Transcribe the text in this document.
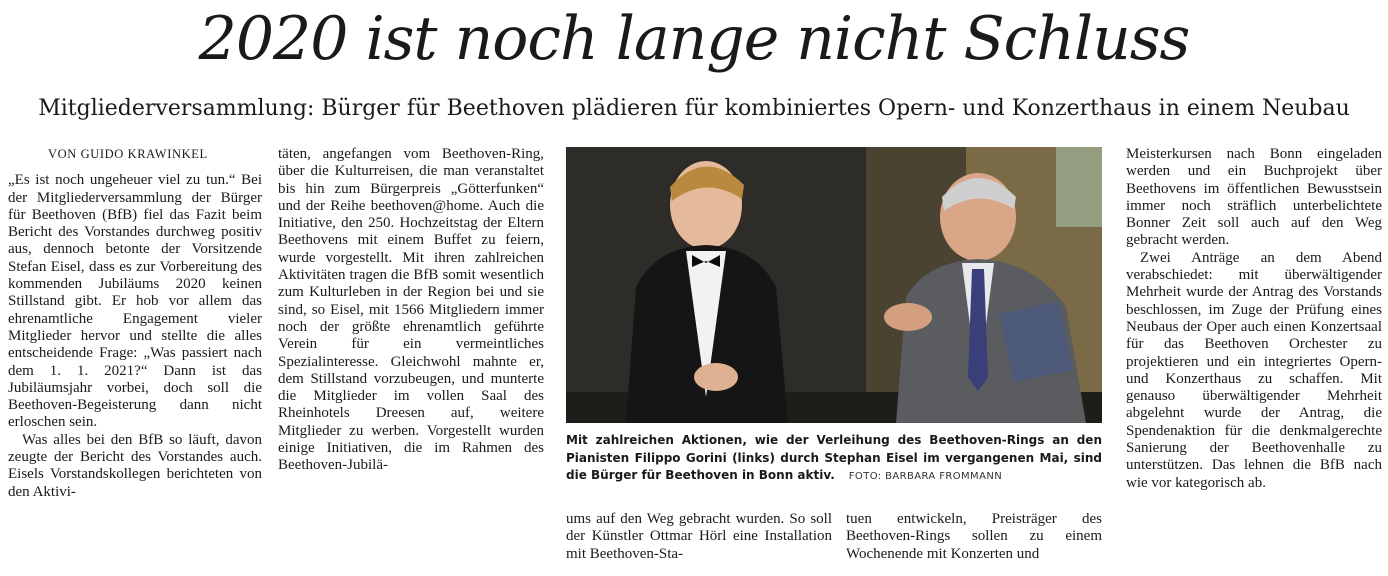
2020 ist noch lange nicht Schluss
Mitgliederversammlung: Bürger für Beethoven plädieren für kombiniertes Opern- und Konzerthaus in einem Neubau

VON GUIDO KRAWINKEL

„Es ist noch ungeheuer viel zu tun.“ Bei der Mitgliederversammlung der Bürger für Beethoven (BfB) fiel das Fazit beim Bericht des Vorstandes durchweg positiv aus, dennoch betonte der Vorsitzende Stefan Eisel, dass es zur Vorbereitung des kommenden Jubiläums 2020 keinen Stillstand gibt. Er hob vor allem das ehrenamtliche Engagement vieler Mitglieder hervor und stellte die alles entscheidende Frage: „Was passiert nach dem 1. 1. 2021?“ Dann ist das Jubiläumsjahr vorbei, doch soll die Beethoven-Begeisterung dann nicht erloschen sein.

Was alles bei den BfB so läuft, davon zeugte der Bericht des Vorstandes auch. Eisels Vorstandskollegen berichteten von den Aktivi-

täten, angefangen vom Beethoven-Ring, über die Kulturreisen, die man veranstaltet bis hin zum Bürgerpreis „Götterfunken“ und der Reihe beethoven@home. Auch die Initiative, den 250. Hochzeitstag der Eltern Beethovens mit einem Buffet zu feiern, wurde vorgestellt. Mit ihren zahlreichen Aktivitäten tragen die BfB somit wesentlich zum Kulturleben in der Region bei und sie sind, so Eisel, mit 1566 Mitgliedern immer noch der größte ehrenamtlich geführte Verein für ein vermeintliches Spezialinteresse. Gleichwohl mahnte er, dem Stillstand vorzubeugen, und munterte die Mitglieder im vollen Saal des Rheinhotels Dreesen auf, weitere Mitglieder zu werben. Vorgestellt wurden einige Initiativen, die im Rahmen des Beethoven-Jubilä-

Mit zahlreichen Aktionen, wie der Verleihung des Beethoven-Rings an den Pianisten Filippo Gorini (links) durch Stephan Eisel im vergangenen Mai, sind die Bürger für Beethoven in Bonn aktiv. FOTO: BARBARA FROMMANN

ums auf den Weg gebracht wurden. So soll der Künstler Ottmar Hörl eine Installation mit Beethoven-Sta-

tuen entwickeln, Preisträger des Beethoven-Rings sollen zu einem Wochenende mit Konzerten und

Meisterkursen nach Bonn eingeladen werden und ein Buchprojekt über Beethovens im öffentlichen Bewusstsein immer noch sträflich unterbelichtete Bonner Zeit soll auch auf den Weg gebracht werden.

Zwei Anträge an dem Abend verabschiedet: mit überwältigender Mehrheit wurde der Antrag des Vorstands beschlossen, im Zuge der Prüfung eines Neubaus der Oper auch einen Konzertsaal für das Beethoven Orchester zu projektieren und ein integriertes Opern- und Konzerthaus zu schaffen. Mit genauso überwältigender Mehrheit abgelehnt wurde der Antrag, die Spendenaktion für die denkmalgerechte Sanierung der Beethovenhalle zu unterstützen. Das lehnen die BfB nach wie vor kategorisch ab.
